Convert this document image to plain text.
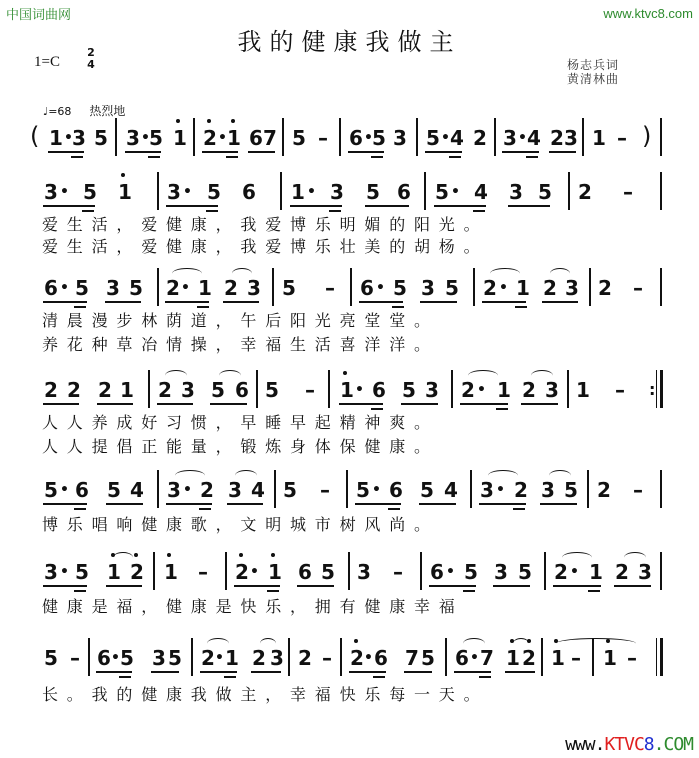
中国词曲网	www.ktvc8.com
我的健康我做主
1=C
2
4	杨志兵词
黄清林曲
♩=68 热烈地
( 1 • 3 5 3 • 5 1 2 • 1 6 7 5 – 6 • 5 3 5 • 4 2 3 • 4 2 3 1 – )
3 • 5 1 3 • 5 6 1 • 3 5 6 5 • 4 3 5 2 –
爱生活，爱健康，我爱博乐明媚的阳光。
爱生活，爱健康，我爱博乐壮美的胡杨。
6 • 5 3 5 2 • 1 2 3 5 – 6 • 5 3 5 2 • 1 2 3 2 –
清晨漫步林荫道，午后阳光亮堂堂。
养花种草冶情操，幸福生活喜洋洋。
2 2 2 1 2 3 5 6 5 – 1 • 6 5 3 2 • 1 2 3 1 – :
人人养成好习惯，早睡早起精神爽。
人人提倡正能量，锻炼身体保健康。
5 • 6 5 4 3 • 2 3 4 5 – 5 • 6 5 4 3 • 2 3 5 2 –
博乐唱响健康歌，文明城市树风尚。
3 • 5 1 2 1 – 2 • 1 6 5 3 – 6 • 5 3 5 2 • 1 2 3
健康是福，健康是快乐，拥有健康幸福
5 – 6 • 5 3 5 2 • 1 2 3 2 – 2 • 6 7 5 6 • 7 1 2 1 – 1 –
长。我的健康我做主，幸福快乐每一天。
www.KTVC8.COM
